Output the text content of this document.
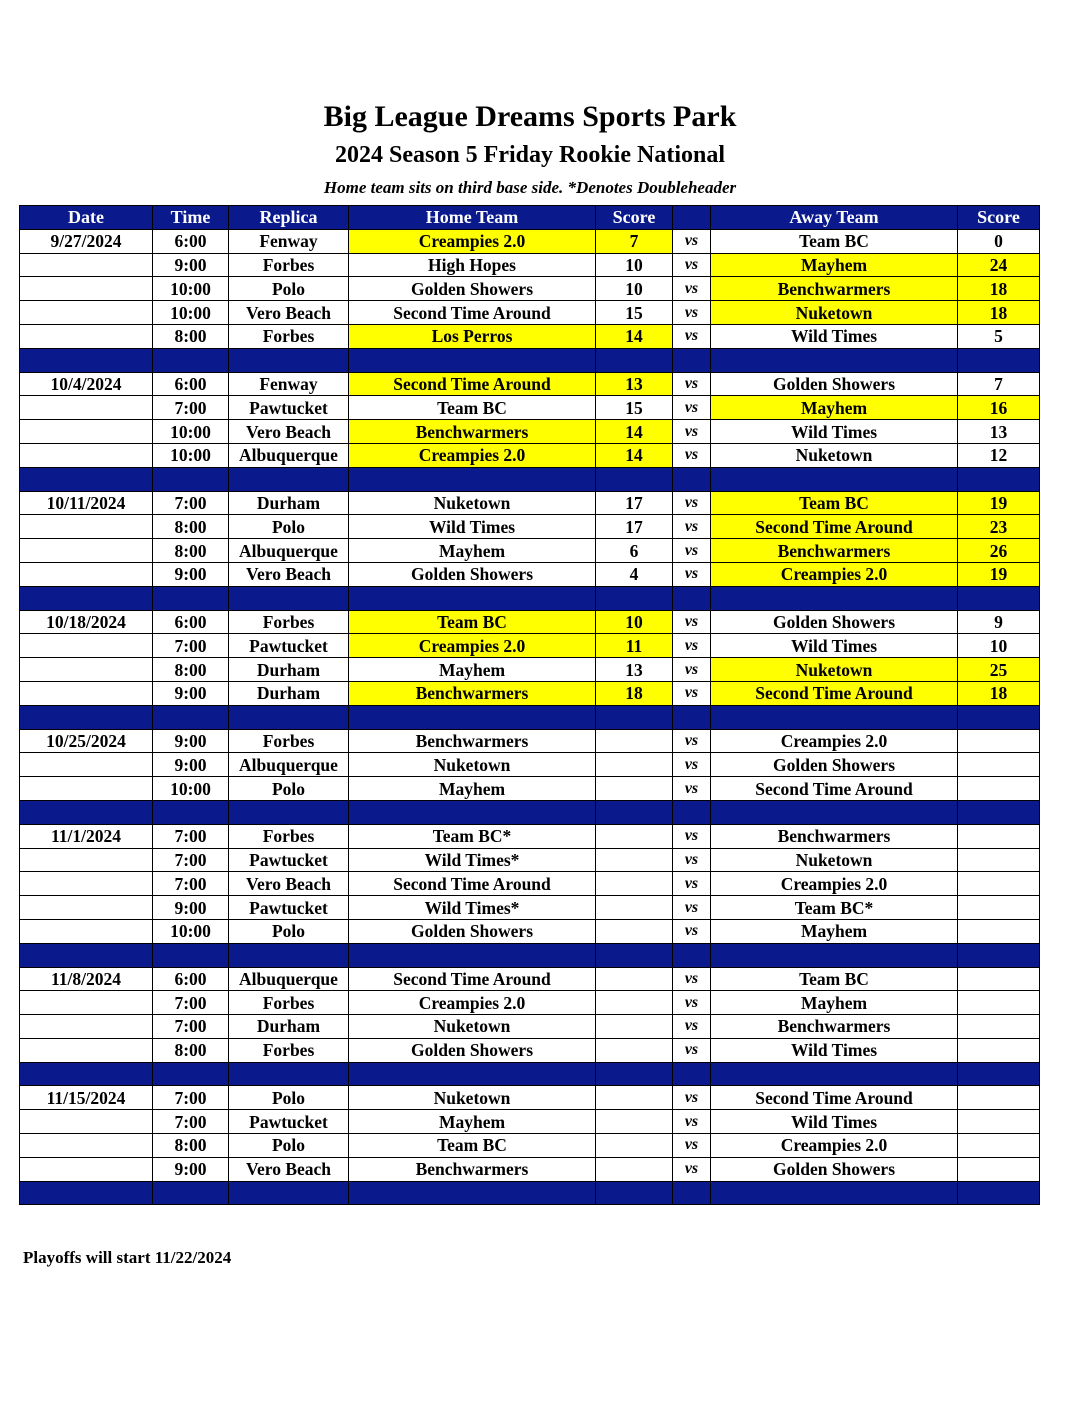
Big League Dreams Sports Park
2024 Season 5 Friday Rookie National
Home team sits on third base side. *Denotes Doubleheader
Date	Time	Replica	Home Team	Score		Away Team	Score
9/27/2024	6:00	Fenway	Creampies 2.0	7	vs	Team BC	0
	9:00	Forbes	High Hopes	10	vs	Mayhem	24
	10:00	Polo	Golden Showers	10	vs	Benchwarmers	18
	10:00	Vero Beach	Second Time Around	15	vs	Nuketown	18
	8:00	Forbes	Los Perros	14	vs	Wild Times	5

10/4/2024	6:00	Fenway	Second Time Around	13	vs	Golden Showers	7
	7:00	Pawtucket	Team BC	15	vs	Mayhem	16
	10:00	Vero Beach	Benchwarmers	14	vs	Wild Times	13
	10:00	Albuquerque	Creampies 2.0	14	vs	Nuketown	12

10/11/2024	7:00	Durham	Nuketown	17	vs	Team BC	19
	8:00	Polo	Wild Times	17	vs	Second Time Around	23
	8:00	Albuquerque	Mayhem	6	vs	Benchwarmers	26
	9:00	Vero Beach	Golden Showers	4	vs	Creampies 2.0	19

10/18/2024	6:00	Forbes	Team BC	10	vs	Golden Showers	9
	7:00	Pawtucket	Creampies 2.0	11	vs	Wild Times	10
	8:00	Durham	Mayhem	13	vs	Nuketown	25
	9:00	Durham	Benchwarmers	18	vs	Second Time Around	18

10/25/2024	9:00	Forbes	Benchwarmers		vs	Creampies 2.0	
	9:00	Albuquerque	Nuketown		vs	Golden Showers	
	10:00	Polo	Mayhem		vs	Second Time Around	

11/1/2024	7:00	Forbes	Team BC*		vs	Benchwarmers	
	7:00	Pawtucket	Wild Times*		vs	Nuketown	
	7:00	Vero Beach	Second Time Around		vs	Creampies 2.0	
	9:00	Pawtucket	Wild Times*		vs	Team BC*	
	10:00	Polo	Golden Showers		vs	Mayhem	

11/8/2024	6:00	Albuquerque	Second Time Around		vs	Team BC	
	7:00	Forbes	Creampies 2.0		vs	Mayhem	
	7:00	Durham	Nuketown		vs	Benchwarmers	
	8:00	Forbes	Golden Showers		vs	Wild Times	

11/15/2024	7:00	Polo	Nuketown		vs	Second Time Around	
	7:00	Pawtucket	Mayhem		vs	Wild Times	
	8:00	Polo	Team BC		vs	Creampies 2.0	
	9:00	Vero Beach	Benchwarmers		vs	Golden Showers	

Playoffs will start 11/22/2024
